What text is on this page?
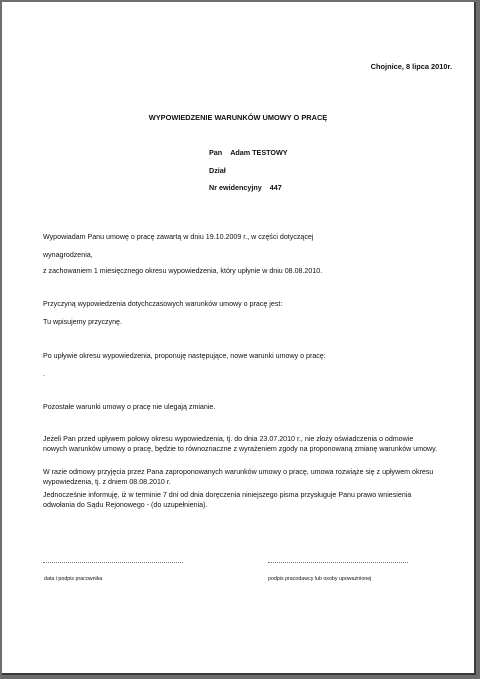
Chojnice, 8 lipca 2010r.
WYPOWIEDZENIE WARUNKÓW UMOWY O PRACĘ
Pan Adam TESTOWY
Dział
Nr ewidencyjny 447
Wypowiadam Panu umowę o pracę zawartą w dniu 19.10.2009 r., w części dotyczącej
wynagrodzenia,
z zachowaniem 1 miesięcznego okresu wypowiedzenia, który upłynie w dniu 08.08.2010.
Przyczyną wypowiedzenia dotychczasowych warunków umowy o pracę jest:
Tu wpisujemy przyczynę.
Po upływie okresu wypowiedzenia, proponuję następujące, nowe warunki umowy o pracę:
.
Pozostałe warunki umowy o pracę nie ulegają zmianie.
Jeżeli Pan przed upływem połowy okresu wypowiedzenia, tj. do dnia 23.07.2010 r., nie złoży oświadczenia o odmowie nowych warunków umowy o pracę, będzie to równoznaczne z wyrażeniem zgody na proponowaną zmianę warunków umowy.
W razie odmowy przyjęcia przez Pana zaproponowanych warunków umowy o pracę, umowa rozwiąże się z upływem okresu wypowiedzenia, tj. z dniem 08.08.2010 r.
Jednocześnie informuję, iż w terminie 7 dni od dnia doręczenia niniejszego pisma przysługuje Panu prawo wniesienia odwołania do Sądu Rejonowego - (do uzupełnienia).
data i podpis pracownika	podpis pracodawcy lub osoby upoważnionej
